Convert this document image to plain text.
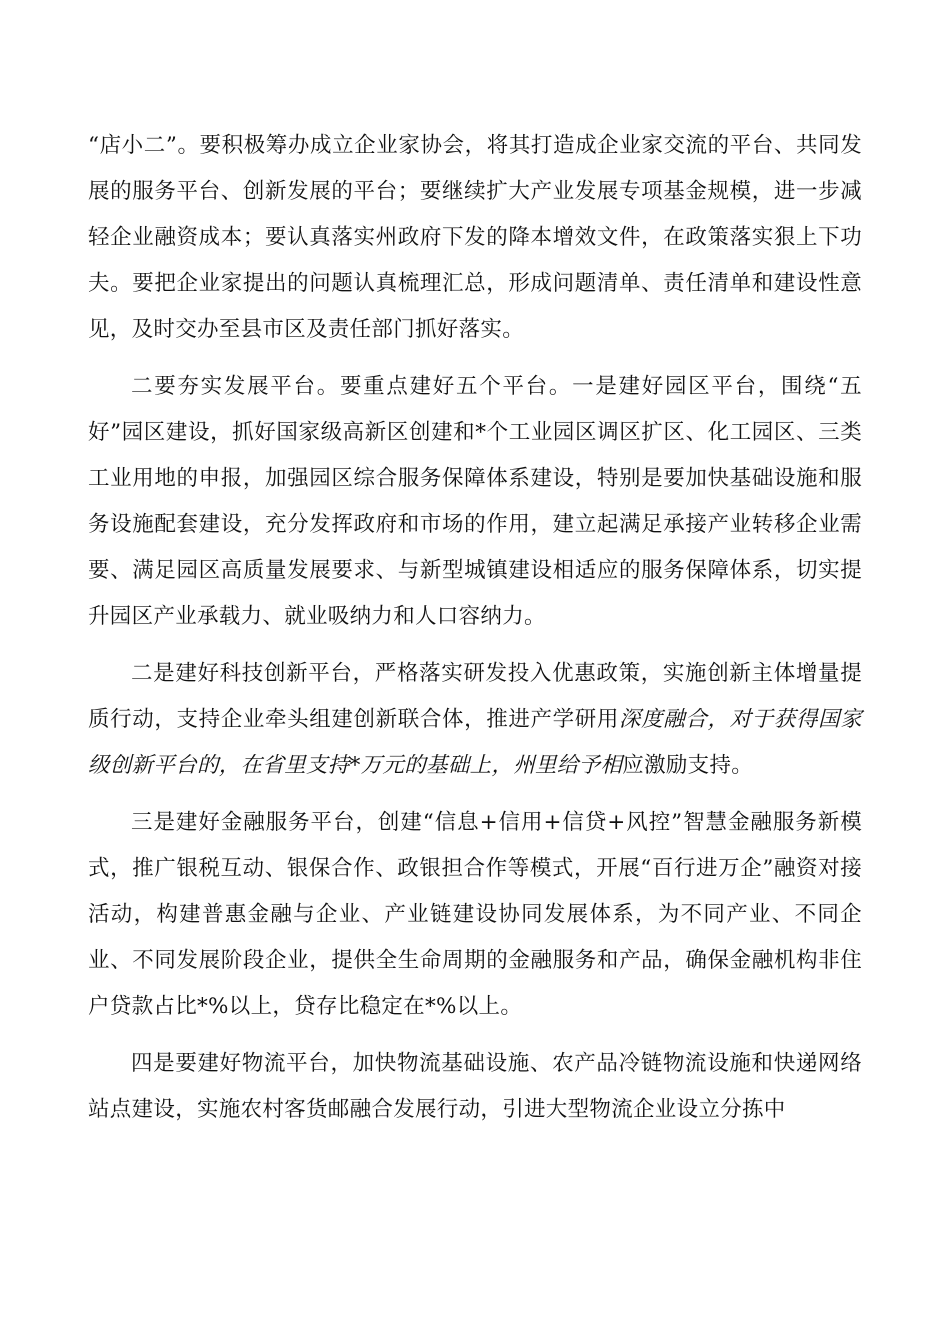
“店小二”。要积极筹办成立企业家协会，将其打造成企业家交流的平台、共同发展的服务平台、创新发展的平台；要继续扩大产业发展专项基金规模，进一步减轻企业融资成本；要认真落实州政府下发的降本增效文件，在政策落实狠上下功夫。要把企业家提出的问题认真梳理汇总，形成问题清单、责任清单和建设性意见，及时交办至县市区及责任部门抓好落实。

二要夯实发展平台。要重点建好五个平台。一是建好园区平台，围绕“五好”园区建设，抓好国家级高新区创建和*个工业园区调区扩区、化工园区、三类工业用地的申报，加强园区综合服务保障体系建设，特别是要加快基础设施和服务设施配套建设，充分发挥政府和市场的作用，建立起满足承接产业转移企业需要、满足园区高质量发展要求、与新型城镇建设相适应的服务保障体系，切实提升园区产业承载力、就业吸纳力和人口容纳力。

二是建好科技创新平台，严格落实研发投入优惠政策，实施创新主体增量提质行动，支持企业牵头组建创新联合体，推进产学研用深度融合，对于获得国家级创新平台的，在省里支持*万元的基础上，州里给予相应激励支持。

三是建好金融服务平台，创建“信息+信用+信贷+风控”智慧金融服务新模式，推广银税互动、银保合作、政银担合作等模式，开展“百行进万企”融资对接活动，构建普惠金融与企业、产业链建设协同发展体系，为不同产业、不同企业、不同发展阶段企业，提供全生命周期的金融服务和产品，确保金融机构非住户贷款占比*%以上，贷存比稳定在*%以上。

四是要建好物流平台，加快物流基础设施、农产品冷链物流设施和快递网络站点建设，实施农村客货邮融合发展行动，引进大型物流企业设立分拣中
